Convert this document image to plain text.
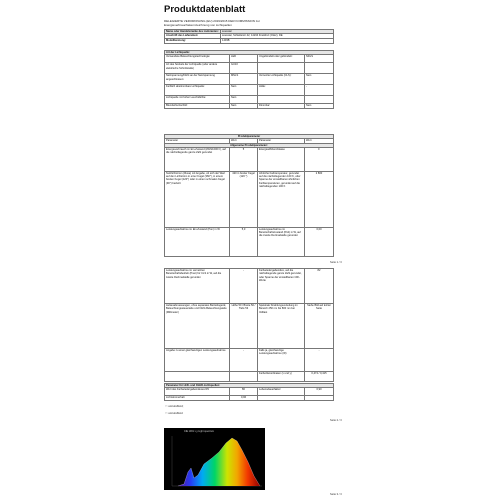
Produktdatenblatt
DELEGIERTE VERORDNUNG (EU) 2019/2015 DER KOMMISSION zur
Energieverbrauchskennzeichnung von Lichtquellen
Name oder Handelsmarke des Lieferanten:	sousstar
Anschrift des Lieferanten:	sousstar, Schiellerstr 42, 14234 Frankfurt (Oder), DE
Modellkennung:	1403B
Art der Lichtquelle:			
Verwendete Beleuchtungstechnologie:	LED	Ungebündelt oder gebündelt:	NDLS
Art des Sockels der Lichtquelle (oder andere elektrische Schnittstelle)	GU10		
Netzspannung/Nicht an der Netzspannung angeschlossen:	MNLS	Vernetzte Lichtquelle (CLS):	Nein
Farblich abstimmbare Lichtquelle:	Nein	Hülle:	-
Lichtquelle mit hoher Leuchtdichte:	Nein		
Blendschutzschild:	Nein	Dimmbar:	Nein
Produktparameter			
Parameter	Wert	Parameter	Wert
Allgemeine Produktparameter:			
Energieverbrauch im Ein-Zustand (kWh/1000 h), auf die nächstliegende ganze Zahl gerundet	5	Energieeffizienzklasse	F
Nutzlichtstrom (Φuse) mit Angabe, ob sich der Wert auf den Lichtstrom in einer Kugel (360°), in einem breiten Kegel (120°) oder in einem schmalen Kegel (90°) bezieht	420 in breiter Kegel (120 °)	Ähnliche Farbtemperatur, gerundet auf die nächstliegenden 100 K, oder Spanne der einstellbaren ähnlichen Farbtemperaturen, gerundet auf die nächstliegenden 100 K	2 800
Leistungsaufnahme im Ein-Zustand (Pon) in W	5,0	Leistungsaufnahme im Bereitschaftszustand (Psb) in W, auf die zweite Dezimalstelle gerundet	0,00
Seite 1 / 3
Leistungsaufnahme im vernetzten Bereitschaftsbetrieb (Pnet) für CLS in W, auf die zweite Dezimalstelle gerundet	-	Farbwiedergabeindex, auf die nächstliegende ganze Zahl gerundet, oder Spanne der einstellbaren CRI-Werte	82
Außenabmessungen, ohne separates Betriebsgerät, Beleuchtungssteuerteile und Nicht-Beleuchtungsteile (Millimeter)	Höhe 50 / Breite 50 / Tiefe 53	Spektrale Strahlungsverteilung im Bereich 250 nm bis 800 nm bei Volllast	Siehe Bild auf letzter Seite
Angabe zu einer gleichwertigen Leistungsaufnahme	-	Falls ja, gleichwertige Leistungsaufnahme (W)	-
		Farbortkoordinaten (x und y)	0,474 / 0,415
Parameter für LED- und OLED-Lichtquellen:			
Wert des Farbwiedergabeindexes R9	80	Lebensdauerfaktor	0,90
Lichtstromerhalt	0,96		
'-': unzutreffend;
'-': unzutreffend
Seite 2 / 3
CIE 1931 x,y Light spectrum
Seite 3 / 3
